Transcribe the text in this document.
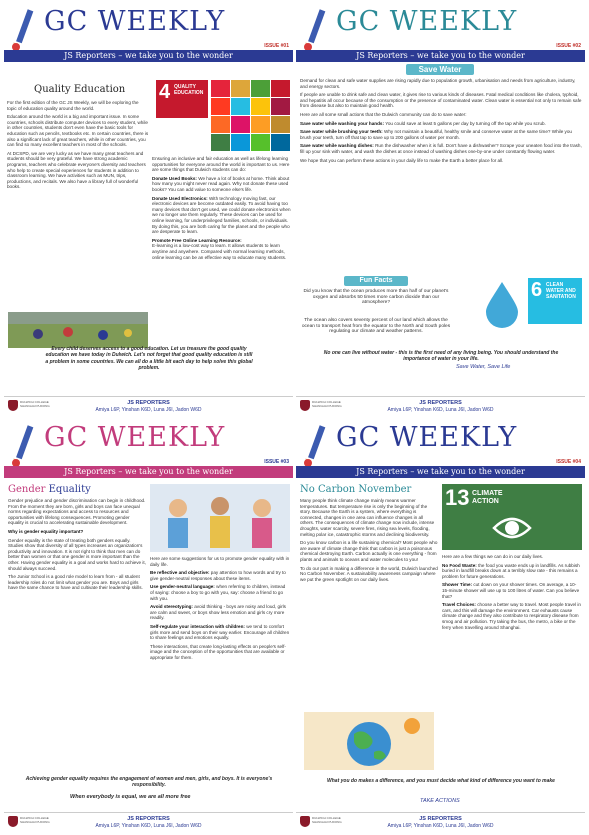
GC WEEKLY
ISSUE #01
JS Reporters – we take you to the wonder
Quality Education

For the first edition of the GC JS Weekly, we will be exploring the topic of education quality around the world.

Education around the world is a big and important issue. In some countries, schools distribute computer devices to every student, while in other countries, students don't even have the basic tools for education such as pencils, textbooks etc. In certain countries, there is also a significant lack of great teachers, while in other countries, you can find so many excellent teachers in most of the schools.

At DCSPD, we are very lucky as we have many great teachers and students should be very grateful. We have strong academic programs, teachers who celebrate everyone's diversity and teachers who help to create special experiences for students in addition to classroom learning. We have activities such as MUN, trips, productions, and recitals. We also have a library full of wonderful books.

4 QUALITY EDUCATION

Ensuring an inclusive and fair education as well as lifelong learning opportunities for everyone around the world is important to us. Here are some things that Dulwich students can do:

Donate Used Books: We have a lot of books at home. Think about how many you might never read again. Why not donate these used books? You can add value to someone else's life.

Donate Used Electronics: With technology moving fast, our electronic devices are become outdated easily. To avoid having too many devices that don't get used, we could donate electronics when we no longer use them regularly. These devices can be used for online learning, for underprivileged families, schools, or individuals. By doing this, you are both caring for the planet and the people who are desperate to learn.

Promote Free Online Learning Resource:
E-learning is a low-cost way to learn. It allows students to learn anytime and anywhere. Compared with normal learning methods, online learning can be an effective way to educate many students.

Every child deserves access to a good education. Let us treasure the good quality education we have today in Dulwich. Let's not forget that good quality education is still a problem in some countries. We can all do a little bit each day to help solve this global problem.
DULWICH COLLEGE SHANGHAI PUDONG	JS REPORTERS
Amiya L6P, Yinshan K6D, Luna J6I, Jadon W6D
GC WEEKLY
ISSUE #02
JS Reporters – we take you to the wonder
Save Water

Demand for clean and safe water supplies are rising rapidly due to population growth, urbanisation and needs from agriculture, industry, and energy sectors.

If people are unable to drink safe and clean water, it gives rise to various kinds of diseases. Fatal medical conditions like cholera, typhoid, and hepatitis all occur because of the consumption or the presence of contaminated water. Clean water is essential not only to remain safe from disease but also to maintain good health.

Here are all some small actions that the Dulwich community can do to save water:

Save water while washing your hands: You could save at least 5 gallons per day by turning off the tap while you scrub.

Save water while brushing your teeth: Why not maintain a beautiful, healthy smile and conserve water at the same time? While you brush your teeth, turn off that tap to save up to 200 gallons of water per month.

Save water while washing dishes: Run the dishwasher when it is full. Don't have a dishwasher? Scrape your uneaten food into the trash, fill up your sink with water, and wash the dishes at once instead of washing dishes one-by-one under constantly flowing water.

We hope that you can perform these actions in your daily life to make the Earth a better place for all.

Fun Facts
Did you know that the ocean produces more than half of our planet's oxygen and absorbs 50 times more carbon dioxide than our atmosphere?
The ocean also covers seventy percent of our land which allows the ocean to transport heat from the equator to the North and South poles regulating our climate and weather patterns.
6 CLEAN WATER AND SANITATION
No one can live without water - this is the first need of any living being. You should understand the importance of water in your life.
Save Water, Save Life
DULWICH COLLEGE SHANGHAI PUDONG	JS REPORTERS
Amiya L6P, Yinshan K6D, Luna J6I, Jadon W6D
GC WEEKLY
ISSUE #03
JS Reporters – we take you to the wonder
Gender Equality

Gender prejudice and gender discrimination can begin in childhood. From the moment they are born, girls and boys can face unequal norms regarding expectations and access to resources and opportunities with lifelong consequences. Promoting gender equality is crucial to accelerating sustainable development.

Why is gender equality important?

Gender equality is the state of treating both genders equally. Studies show that diversity of all types increases an organization's productivity and innovation. It is not right to think that men can do better than women or that one gender is more important than the other. Having gender equality is a goal and works hard to achieve it, should always succeed.

The Junior School is a good role model to learn from - all student leadership roles do not limit what gender you are. Boys and girls have the same chance to have and cultivate their leadership skills.

Here are some suggestions for us to promote gender equality with in daily life.

Be reflective and objective: pay attention to how words and try to give gender-neutral responses about these items.

Use gender-neutral language: when referring to children, instead of saying: choose a boy to go with you, say: choose a friend to go with you.

Avoid stereotyping: avoid thinking - boys are noisy and loud, girls are calm and sweet, or boys show less emotion and girls cry more readily.

Self-regulate your interaction with children: we tend to comfort girls more and send boys on their way earlier. Encourage all children to share feelings and emotions equally.

These interactions, that create long-lasting effects on people's self-image and the conception of the opportunities that are available or appropriate for them.

Achieving gender equality requires the engagement of women and men, girls, and boys. It is everyone's responsibility.
When everybody is equal, we are all more free
DULWICH COLLEGE SHANGHAI PUDONG	JS REPORTERS
Amiya L6P, Yinshan K6D, Luna J6I, Jadon W6D
GC WEEKLY
ISSUE #04
JS Reporters – we take you to the wonder
No Carbon November

Many people think climate change mainly means warmer temperatures. But temperature rise is only the beginning of the story. Because the Earth is a system, where everything is connected, changes in one area can influence changes in all others. The consequences of climate change now include, intense droughts, water scarcity, severe fires, rising sea levels, flooding, melting polar ice, catastrophic storms and declining biodiversity.

Do you know carbon is a life sustaining chemical? Most people who are aware of climate change think that carbon is just a poisonous chemical destroying Earth. Carbon actually is one everything - from plants and animals to oceans and water molecules to you!

To do our part in making a difference in the world, Dulwich launched No Carbon November. A sustainability awareness campaign where we put the green spotlight on our daily lives.

13 CLIMATE ACTION

Here are a few things we can do in our daily lives.

No Food Waste: the food you waste ends up in landfills. As rubbish buried in landfill breaks down at a terribly slow rate - this remains a problem for future generations.

Shower Time: cut down on your shower times. On average, a 10-15-minute shower will use up to 100 litres of water. Can you believe that?

Travel Choices: choose a better way to travel. Most people travel in cars, and this will damage the environment. Car exhausts cause climate change and they also contribute to respiratory disease from smog and air pollution. Try taking the bus, the metro, a bike or the ferry when travelling around Shanghai.

What you do makes a difference, and you must decide what kind of difference you want to make
TAKE ACTIONS
DULWICH COLLEGE SHANGHAI PUDONG	JS REPORTERS
Amiya L6P, Yinshan K6D, Luna J6I, Jadon W6D
